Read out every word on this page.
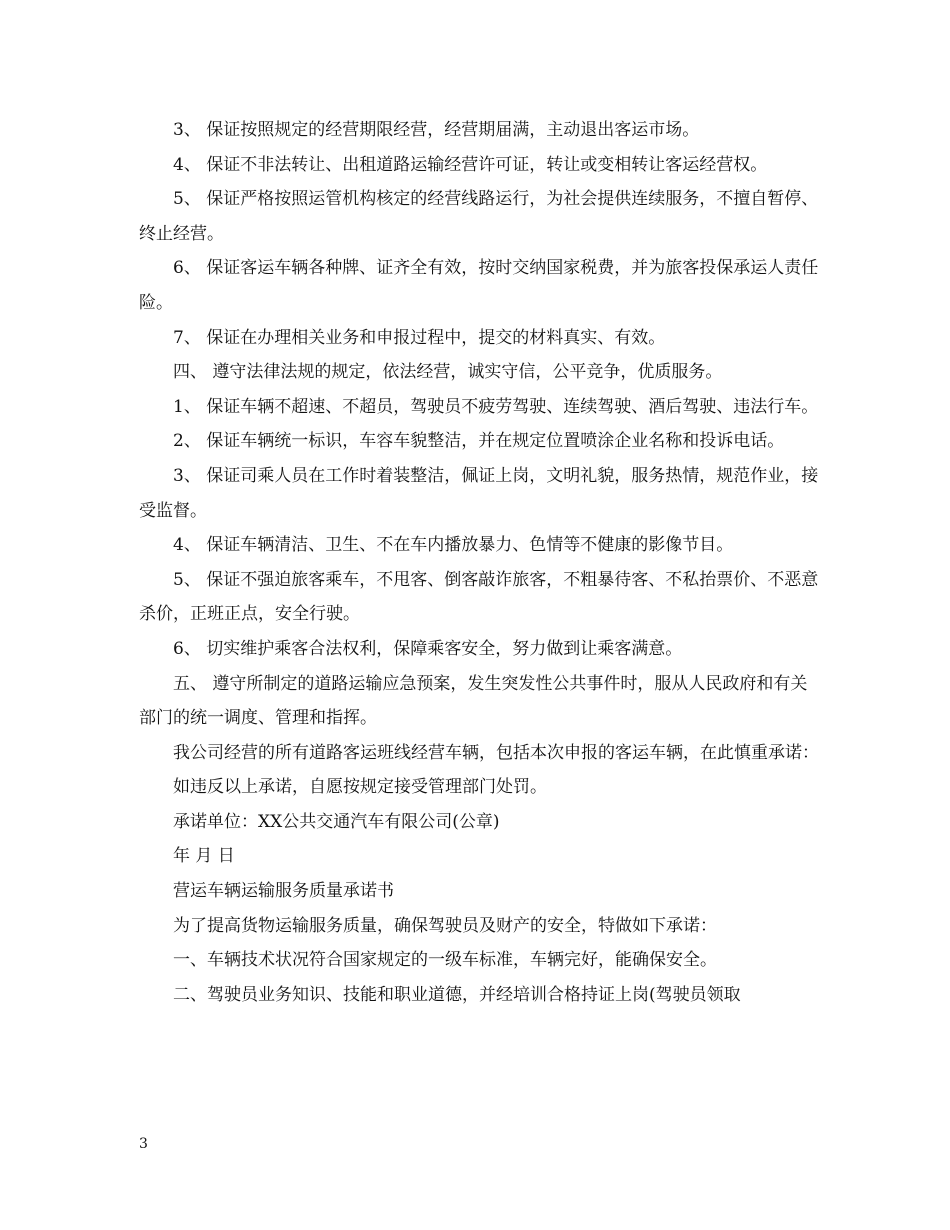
3、 保证按照规定的经营期限经营，经营期届满，主动退出客运市场。

4、 保证不非法转让、出租道路运输经营许可证，转让或变相转让客运经营权。

5、 保证严格按照运管机构核定的经营线路运行，为社会提供连续服务，不擅自暂停、终止经营。

6、 保证客运车辆各种牌、证齐全有效，按时交纳国家税费，并为旅客投保承运人责任险。

7、 保证在办理相关业务和申报过程中，提交的材料真实、有效。

四、 遵守法律法规的规定，依法经营，诚实守信，公平竞争，优质服务。

1、 保证车辆不超速、不超员，驾驶员不疲劳驾驶、连续驾驶、酒后驾驶、违法行车。

2、 保证车辆统一标识，车容车貌整洁，并在规定位置喷涂企业名称和投诉电话。

3、 保证司乘人员在工作时着装整洁，佩证上岗，文明礼貌，服务热情，规范作业，接受监督。

4、 保证车辆清洁、卫生、不在车内播放暴力、色情等不健康的影像节目。

5、 保证不强迫旅客乘车，不甩客、倒客敲诈旅客，不粗暴待客、不私抬票价、不恶意杀价，正班正点，安全行驶。

6、 切实维护乘客合法权利，保障乘客安全，努力做到让乘客满意。

五、 遵守所制定的道路运输应急预案，发生突发性公共事件时，服从人民政府和有关部门的统一调度、管理和指挥。

我公司经营的所有道路客运班线经营车辆，包括本次申报的客运车辆，在此慎重承诺：

如违反以上承诺，自愿按规定接受管理部门处罚。

承诺单位：XX公共交通汽车有限公司(公章)

年 月 日

营运车辆运输服务质量承诺书

为了提高货物运输服务质量，确保驾驶员及财产的安全，特做如下承诺：

一、车辆技术状况符合国家规定的一级车标准，车辆完好，能确保安全。

二、驾驶员业务知识、技能和职业道德，并经培训合格持证上岗(驾驶员领取

3
